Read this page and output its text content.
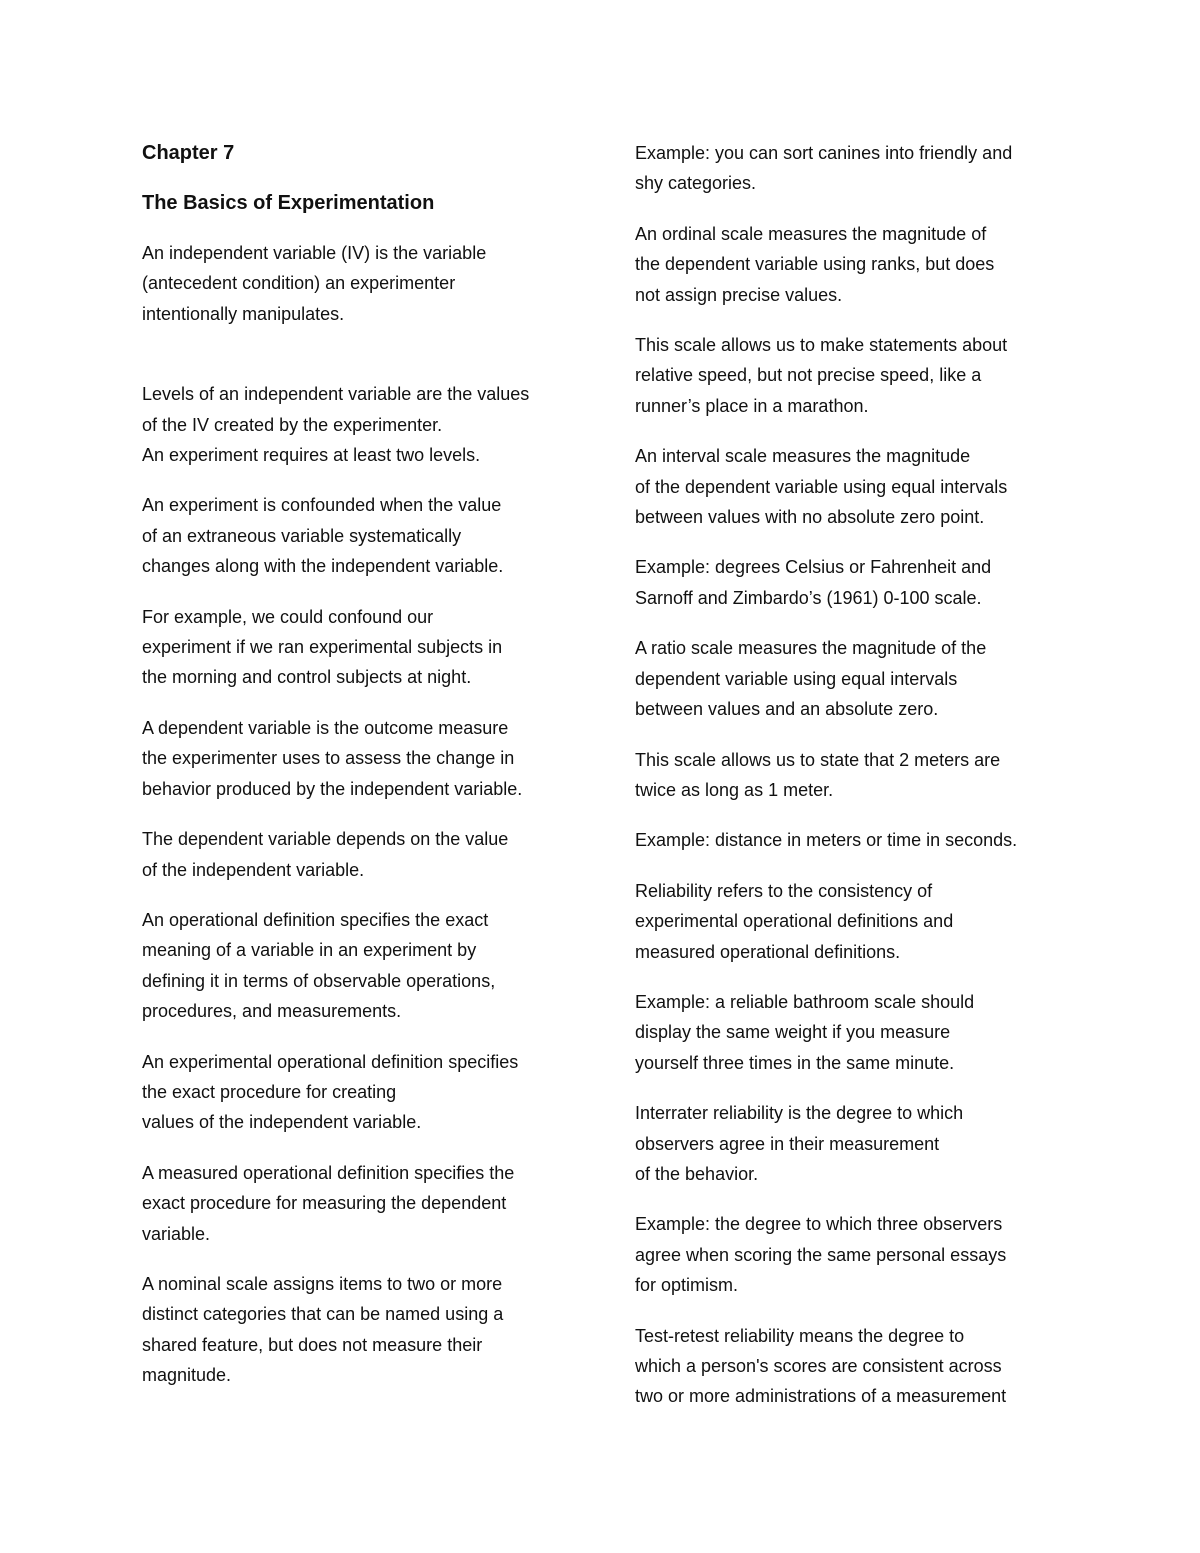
Chapter 7
The Basics of Experimentation
An independent variable (IV) is the variable
(antecedent condition) an experimenter
intentionally manipulates.
Levels of an independent variable are the values
of the IV created by the experimenter.
An experiment requires at least two levels.
An experiment is confounded when the value
of an extraneous variable systematically
changes along with the independent variable.
For example, we could confound our
experiment if we ran experimental subjects in
the morning and control subjects at night.
A dependent variable is the outcome measure
the experimenter uses to assess the change in
behavior produced by the independent variable.
The dependent variable depends on the value
of the independent variable.
An operational definition specifies the exact
meaning of a variable in an experiment by
defining it in terms of observable operations,
procedures, and measurements.
An experimental operational definition specifies
the exact procedure for creating
values of the independent variable.
A measured operational definition specifies the
exact procedure for measuring the dependent
variable.
A nominal scale assigns items to two or more
distinct categories that can be named using a
shared feature, but does not measure their
magnitude.
Example: you can sort canines into friendly and
shy categories.
An ordinal scale measures the magnitude of
the dependent variable using ranks, but does
not assign precise values.
This scale allows us to make statements about
relative speed, but not precise speed, like a
runner’s place in a marathon.
An interval scale measures the magnitude
of the dependent variable using equal intervals
between values with no absolute zero point.
Example: degrees Celsius or Fahrenheit and
Sarnoff and Zimbardo’s (1961) 0-100 scale.
A ratio scale measures the magnitude of the
dependent variable using equal intervals
between values and an absolute zero.
This scale allows us to state that 2 meters are
twice as long as 1 meter.
Example: distance in meters or time in seconds.
Reliability refers to the consistency of
experimental operational definitions and
measured operational definitions.
Example: a reliable bathroom scale should
display the same weight if you measure
yourself three times in the same minute.
Interrater reliability is the degree to which
observers agree in their measurement
of the behavior.
Example: the degree to which three observers
agree when scoring the same personal essays
for optimism.
Test-retest reliability means the degree to
which a person's scores are consistent across
two or more administrations of a measurement
